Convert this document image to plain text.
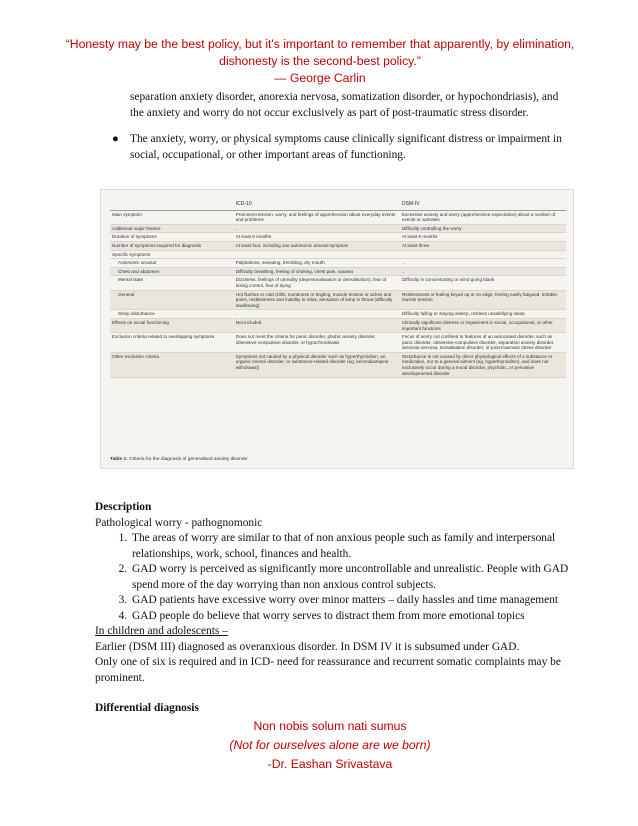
“Honesty may be the best policy, but it's important to remember that apparently, by elimination, dishonesty is the second-best policy.”
― George Carlin
separation anxiety disorder, anorexia nervosa, somatization disorder, or hypochondriasis), and the anxiety and worry do not occur exclusively as part of post-traumatic stress disorder.
● The anxiety, worry, or physical symptoms cause clinically significant distress or impairment in social, occupational, or other important areas of functioning.
	ICD-10	DSM-IV
Main symptom	Prominent tension, worry, and feelings of apprehension about everyday events and problems	Excessive anxiety and worry (apprehensive expectation) about a number of events or activities
Additional major feature	..	Difficulty controlling the worry
Duration of symptoms	At least 6 months	At least 6 months
Number of symptoms required for diagnosis	At least four, including one autonomic arousal symptom	At least three
Specific symptoms		
Autonomic arousal	Palpitations, sweating, trembling, dry mouth	..
Chest and abdomen	Difficulty breathing, feeling of choking, chest pain, nausea	..
Mental state	Dizziness, feelings of unreality (depersonalisation or derealisation), fear of losing control, fear of dying	Difficulty in concentrating or mind going blank
General	Hot flushes or cold chills, numbness or tingling, muscle tension or aches and pains, restlessness and inability to relax, sensation of lump in throat (difficulty swallowing)	Restlessness or feeling keyed up or on edge, feeling easily fatigued, irritable, muscle tension
Sleep disturbance	..	Difficulty falling or staying asleep, restless unsatisfying sleep
Effects on social functioning	Not included	Clinically significant distress or impairment in social, occupational, or other important functions
Exclusion criteria related to overlapping symptoms	Does not meet the criteria for panic disorder, phobic anxiety disorder, obsessive-compulsive disorder, or hypochondriasis	Focus of worry not confined to features of an associated disorder, such as panic disorder, obsessive-compulsive disorder, separation anxiety disorder, anorexia nervosa, somatisation disorder, or post-traumatic stress disorder
Other exclusion criteria	Symptoms not caused by a physical disorder such as hyperthyroidism, an organic mental disorder, or substance-related disorder (eg, benzodiazepine withdrawal)	Disturbance is not caused by direct physiological effects of a substance or medication, nor to a general ailment (eg, hyperthyroidism), and does not exclusively occur during a mood disorder, psychotic, or pervasive developmental disorder
Table 1: Criteria for the diagnosis of generalised anxiety disorder
Description

Pathological worry - pathognomonic

1. The areas of worry are similar to that of non anxious people such as family and interpersonal relationships, work, school, finances and health.
2. GAD worry is perceived as significantly more uncontrollable and unrealistic. People with GAD spend more of the day worrying than non anxious control subjects.
3. GAD patients have excessive worry over minor matters – daily hassles and time management
4. GAD people do believe that worry serves to distract them from more emotional topics

In children and adolescents –

Earlier (DSM III) diagnosed as overanxious disorder. In DSM IV it is subsumed under GAD.

Only one of six is required and in ICD- need for reassurance and recurrent somatic complaints may be prominent.

Differential diagnosis
Non nobis solum nati sumus
(Not for ourselves alone are we born)
-Dr. Eashan Srivastava
